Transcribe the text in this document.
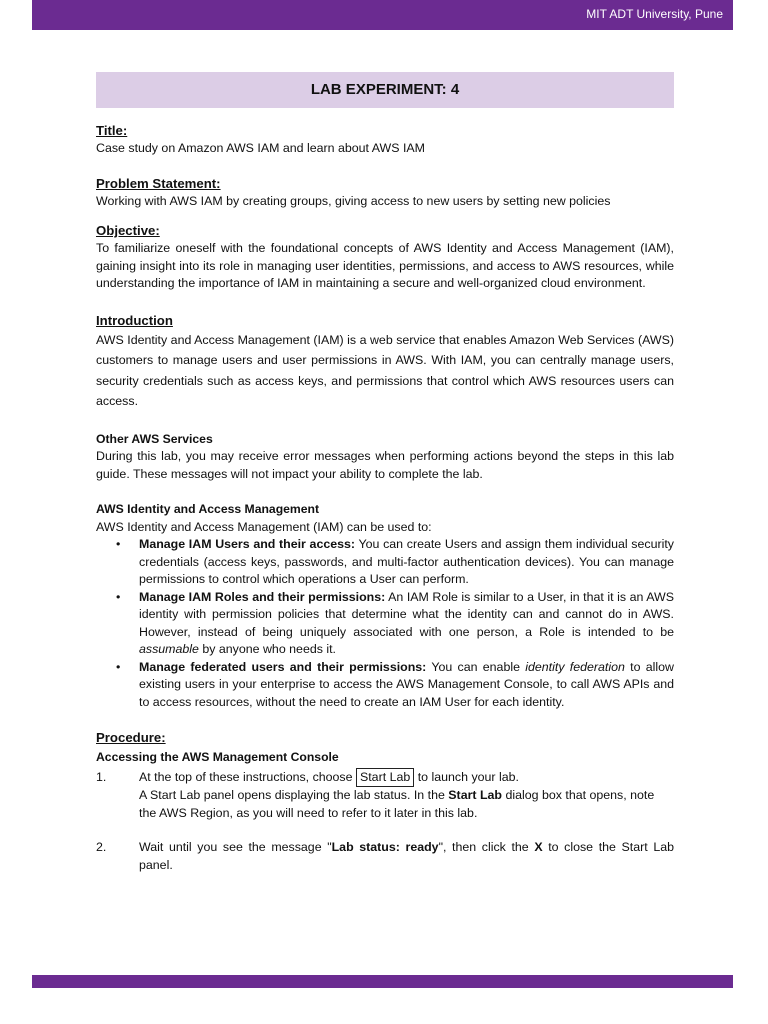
MIT ADT University, Pune
LAB EXPERIMENT: 4
Title:

Case study on Amazon AWS IAM and learn about AWS IAM

Problem Statement:

Working with AWS IAM by creating groups, giving access to new users by setting new policies

Objective:

To familiarize oneself with the foundational concepts of AWS Identity and Access Management (IAM), gaining insight into its role in managing user identities, permissions, and access to AWS resources, while understanding the importance of IAM in maintaining a secure and well-organized cloud environment.

Introduction

AWS Identity and Access Management (IAM) is a web service that enables Amazon Web Services (AWS) customers to manage users and user permissions in AWS. With IAM, you can centrally manage users, security credentials such as access keys, and permissions that control which AWS resources users can access.

Other AWS Services

During this lab, you may receive error messages when performing actions beyond the steps in this lab guide. These messages will not impact your ability to complete the lab.

AWS Identity and Access Management

AWS Identity and Access Management (IAM) can be used to:

• Manage IAM Users and their access: You can create Users and assign them individual security credentials (access keys, passwords, and multi-factor authentication devices). You can manage permissions to control which operations a User can perform.
• Manage IAM Roles and their permissions: An IAM Role is similar to a User, in that it is an AWS identity with permission policies that determine what the identity can and cannot do in AWS. However, instead of being uniquely associated with one person, a Role is intended to be assumable by anyone who needs it.
• Manage federated users and their permissions: You can enable identity federation to allow existing users in your enterprise to access the AWS Management Console, to call AWS APIs and to access resources, without the need to create an IAM User for each identity.
Procedure:
Accessing the AWS Management Console
1.	At the top of these instructions, choose Start Lab to launch your lab.
A Start Lab panel opens displaying the lab status. In the Start Lab dialog box that opens, note the AWS Region, as you will need to refer to it later in this lab.
2.	Wait until you see the message "Lab status: ready", then click the X to close the Start Lab panel.
